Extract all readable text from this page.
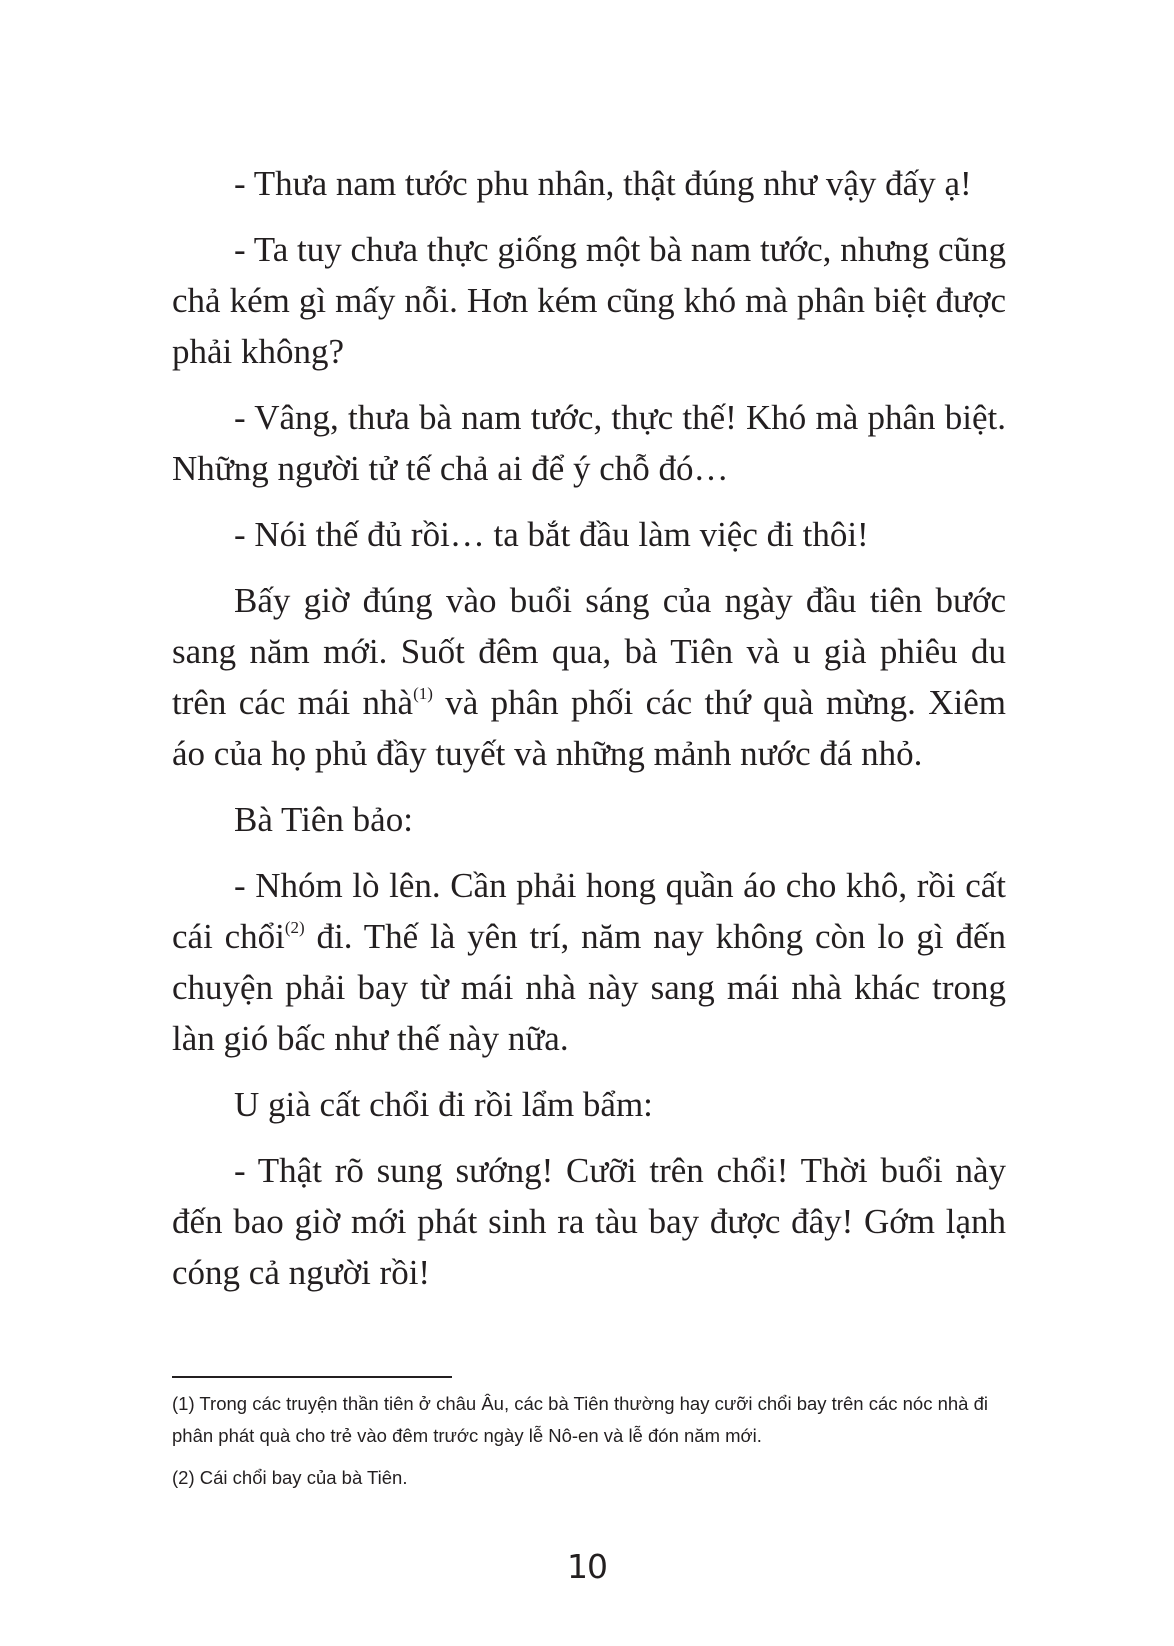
- Thưa nam tước phu nhân, thật đúng như vậy đấy ạ!

- Ta tuy chưa thực giống một bà nam tước, nhưng cũng chả kém gì mấy nỗi. Hơn kém cũng khó mà phân biệt được phải không?

- Vâng, thưa bà nam tước, thực thế! Khó mà phân biệt. Những người tử tế chả ai để ý chỗ đó…

- Nói thế đủ rồi… ta bắt đầu làm việc đi thôi!

Bấy giờ đúng vào buổi sáng của ngày đầu tiên bước sang năm mới. Suốt đêm qua, bà Tiên và u già phiêu du trên các mái nhà$^{(1)}$ và phân phối các thứ quà mừng. Xiêm áo của họ phủ đầy tuyết và những mảnh nước đá nhỏ.

Bà Tiên bảo:

- Nhóm lò lên. Cần phải hong quần áo cho khô, rồi cất cái chổi$^{(2)}$ đi. Thế là yên trí, năm nay không còn lo gì đến chuyện phải bay từ mái nhà này sang mái nhà khác trong làn gió bấc như thế này nữa.

U già cất chổi đi rồi lẩm bẩm:

- Thật rõ sung sướng! Cưỡi trên chổi! Thời buổi này đến bao giờ mới phát sinh ra tàu bay được đây! Gớm lạnh cóng cả người rồi!

(1) Trong các truyện thần tiên ở châu Âu, các bà Tiên thường hay cưỡi chổi bay trên các nóc nhà đi phân phát quà cho trẻ vào đêm trước ngày lễ Nô-en và lễ đón năm mới.

(2) Cái chổi bay của bà Tiên.

10
